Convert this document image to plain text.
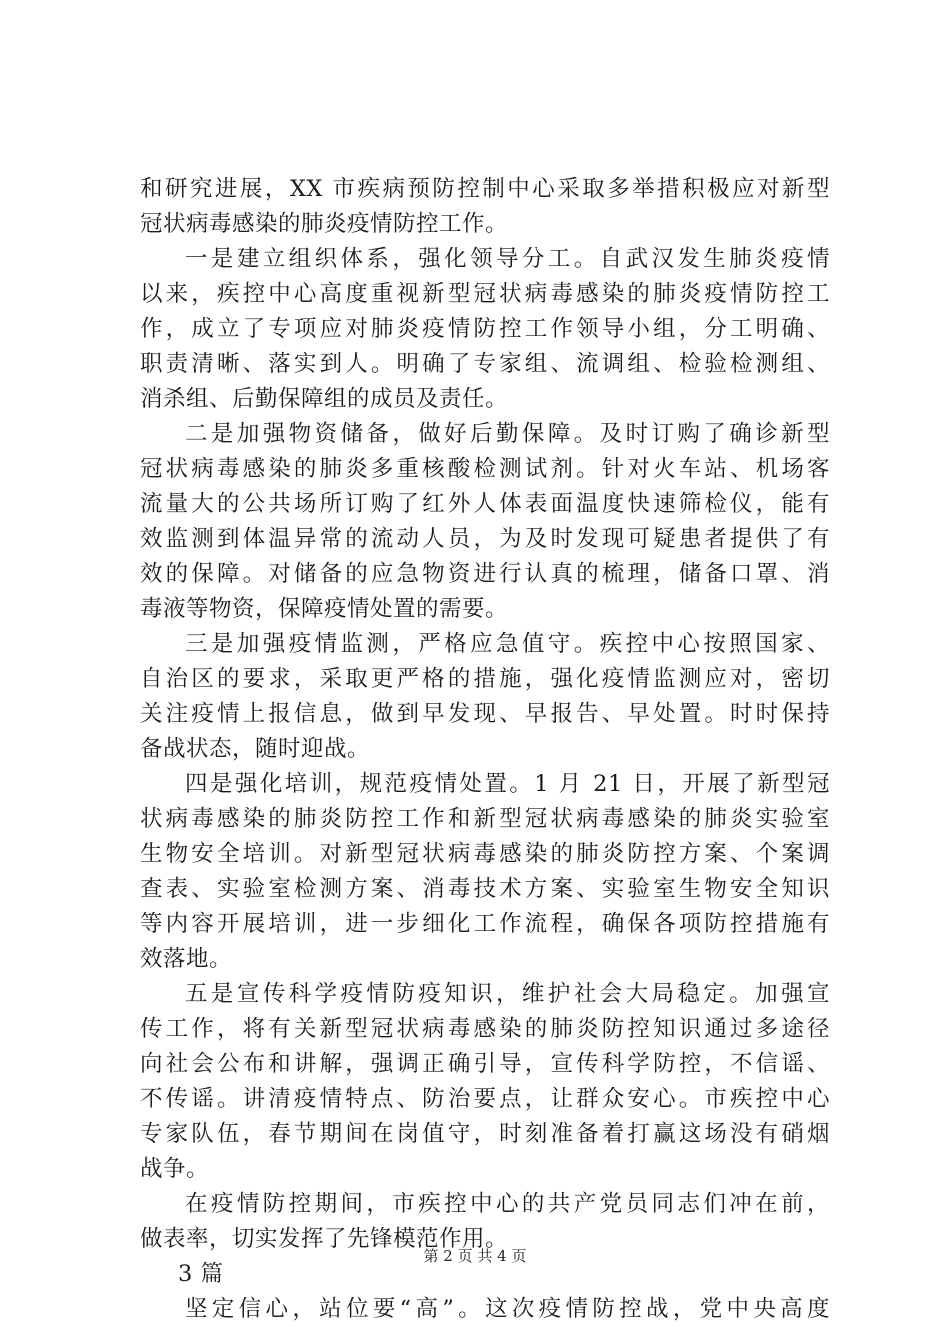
和研究进展，XX 市疾病预防控制中心采取多举措积极应对新型
冠状病毒感染的肺炎疫情防控工作。
一是建立组织体系，强化领导分工。自武汉发生肺炎疫情
以来，疾控中心高度重视新型冠状病毒感染的肺炎疫情防控工
作，成立了专项应对肺炎疫情防控工作领导小组，分工明确、
职责清晰、落实到人。明确了专家组、流调组、检验检测组、
消杀组、后勤保障组的成员及责任。
二是加强物资储备，做好后勤保障。及时订购了确诊新型
冠状病毒感染的肺炎多重核酸检测试剂。针对火车站、机场客
流量大的公共场所订购了红外人体表面温度快速筛检仪，能有
效监测到体温异常的流动人员，为及时发现可疑患者提供了有
效的保障。对储备的应急物资进行认真的梳理，储备口罩、消
毒液等物资，保障疫情处置的需要。
三是加强疫情监测，严格应急值守。疾控中心按照国家、
自治区的要求，采取更严格的措施，强化疫情监测应对，密切
关注疫情上报信息，做到早发现、早报告、早处置。时时保持
备战状态，随时迎战。
四是强化培训，规范疫情处置。1 月 21 日，开展了新型冠
状病毒感染的肺炎防控工作和新型冠状病毒感染的肺炎实验室
生物安全培训。对新型冠状病毒感染的肺炎防控方案、个案调
查表、实验室检测方案、消毒技术方案、实验室生物安全知识
等内容开展培训，进一步细化工作流程，确保各项防控措施有
效落地。
五是宣传科学疫情防疫知识，维护社会大局稳定。加强宣
传工作，将有关新型冠状病毒感染的肺炎防控知识通过多途径
向社会公布和讲解，强调正确引导，宣传科学防控，不信谣、
不传谣。讲清疫情特点、防治要点，让群众安心。市疾控中心
专家队伍，春节期间在岗值守，时刻准备着打赢这场没有硝烟
战争。
在疫情防控期间，市疾控中心的共产党员同志们冲在前，
做表率，切实发挥了先锋模范作用。
3 篇
坚定信心，站位要“高”。这次疫情防控战，党中央高度
第 2 页 共 4 页
